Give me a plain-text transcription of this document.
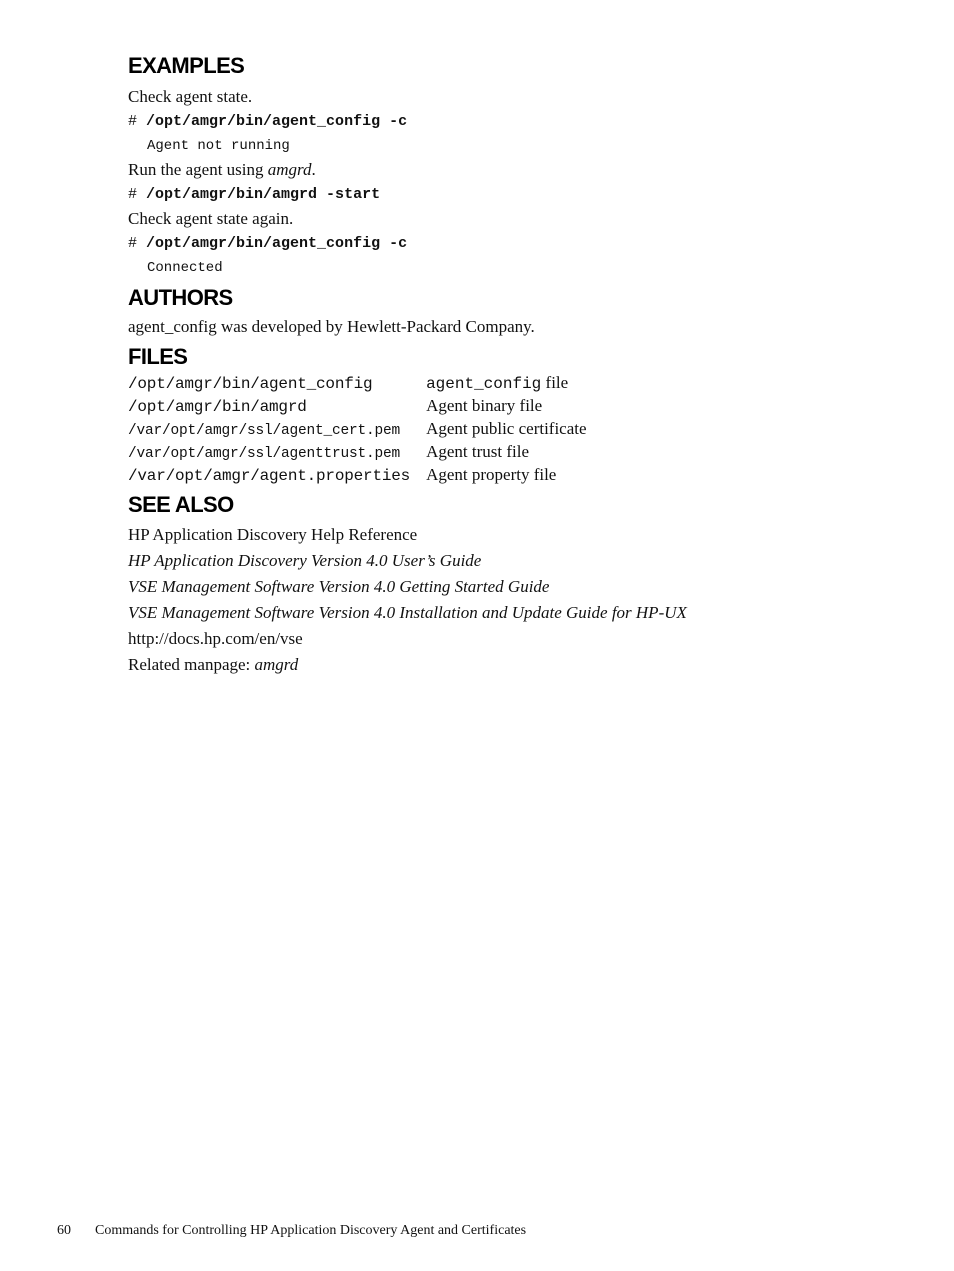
EXAMPLES

Check agent state.

# /opt/amgr/bin/agent_config -c

Agent not running

Run the agent using amgrd.

# /opt/amgr/bin/amgrd -start

Check agent state again.

# /opt/amgr/bin/agent_config -c

Connected

AUTHORS

agent_config was developed by Hewlett-Packard Company.

FILES
/opt/amgr/bin/agent_config	agent_config file
/opt/amgr/bin/amgrd	Agent binary file
/var/opt/amgr/ssl/agent_cert.pem	Agent public certificate
/var/opt/amgr/ssl/agenttrust.pem	Agent trust file
/var/opt/amgr/agent.properties	Agent property file
SEE ALSO

HP Application Discovery Help Reference

HP Application Discovery Version 4.0 User’s Guide

VSE Management Software Version 4.0 Getting Started Guide

VSE Management Software Version 4.0 Installation and Update Guide for HP-UX

http://docs.hp.com/en/vse

Related manpage: amgrd

60 Commands for Controlling HP Application Discovery Agent and Certificates
